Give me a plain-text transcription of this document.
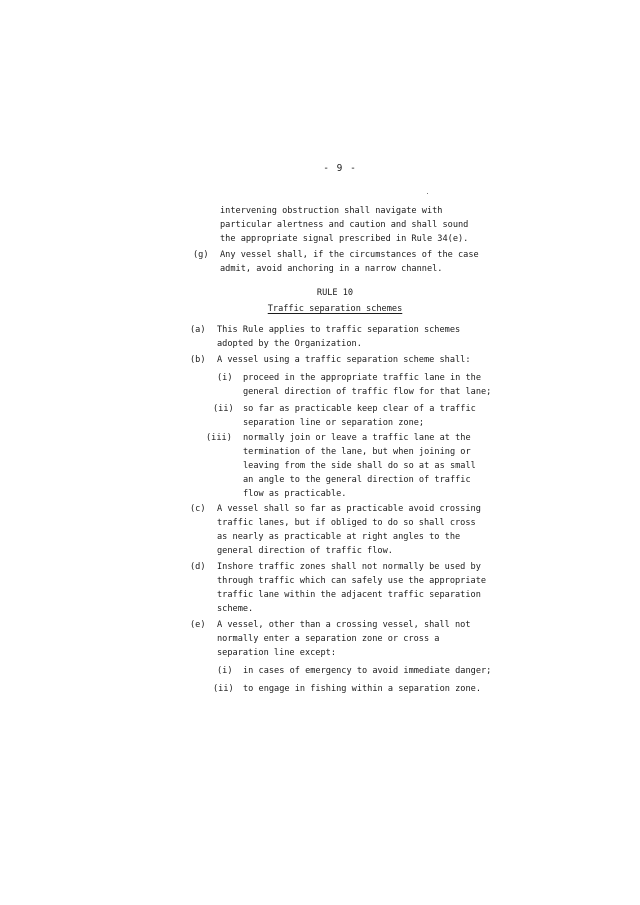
- 9 -
intervening obstruction shall navigate with
particular alertness and caution and shall sound
the appropriate signal prescribed in Rule 34(e).
(g) Any vessel shall, if the circumstances of the case
admit, avoid anchoring in a narrow channel.
RULE 10
Traffic separation schemes
(a) This Rule applies to traffic separation schemes
adopted by the Organization.
(b) A vessel using a traffic separation scheme shall:
(i) proceed in the appropriate traffic lane in the
general direction of traffic flow for that lane;
(ii) so far as practicable keep clear of a traffic
separation line or separation zone;
(iii) normally join or leave a traffic lane at the
termination of the lane, but when joining or
leaving from the side shall do so at as small
an angle to the general direction of traffic
flow as practicable.
(c) A vessel shall so far as practicable avoid crossing
traffic lanes, but if obliged to do so shall cross
as nearly as practicable at right angles to the
general direction of traffic flow.
(d) Inshore traffic zones shall not normally be used by
through traffic which can safely use the appropriate
traffic lane within the adjacent traffic separation
scheme.
(e) A vessel, other than a crossing vessel, shall not
normally enter a separation zone or cross a
separation line except:
(i) in cases of emergency to avoid immediate danger;
(ii) to engage in fishing within a separation zone.
